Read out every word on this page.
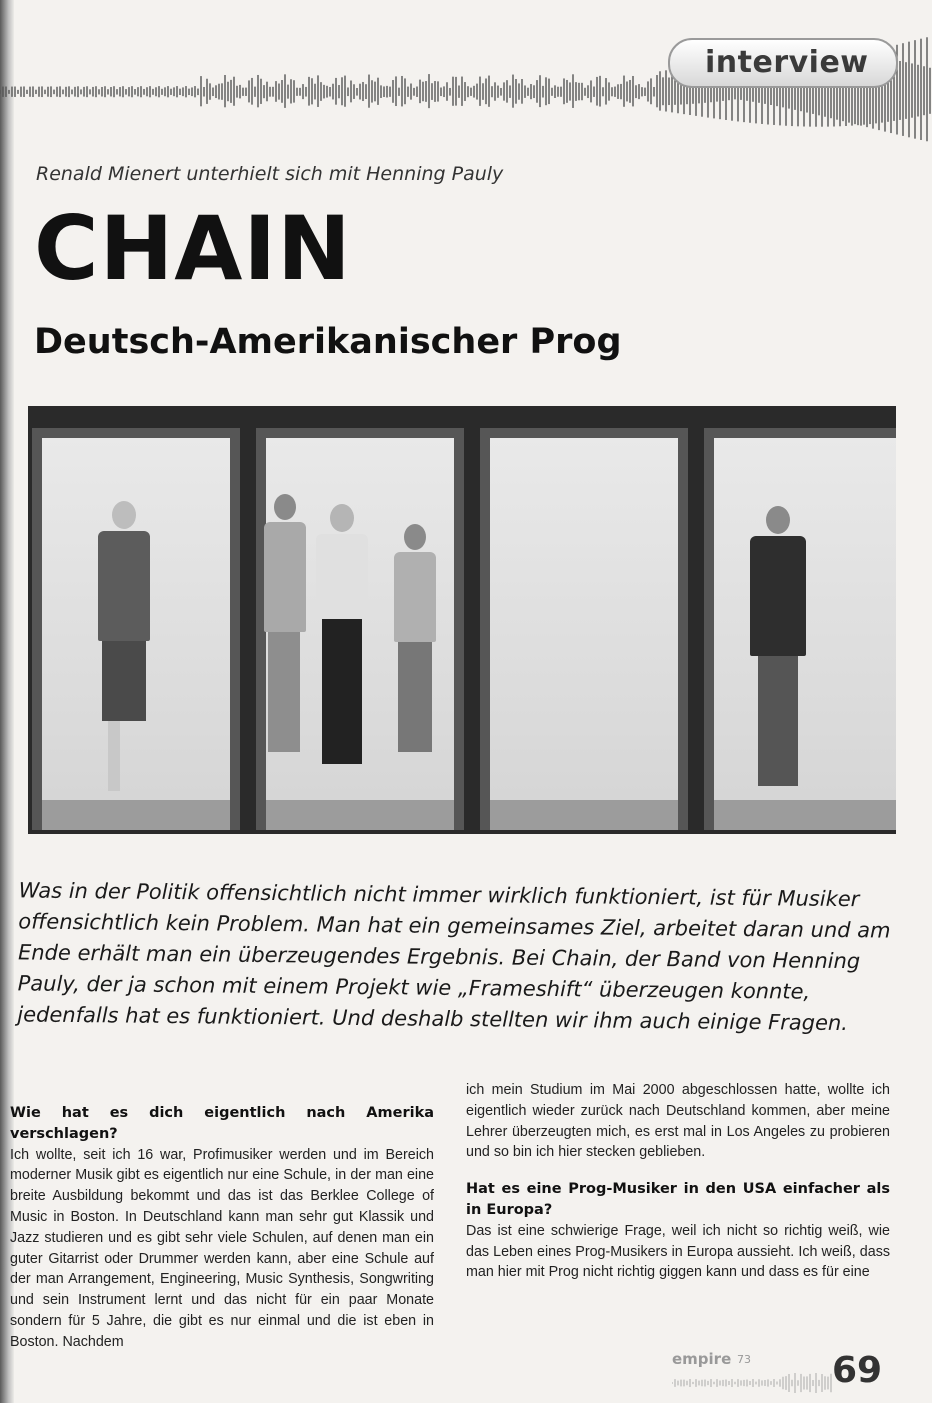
interview
Renald Mienert unterhielt sich mit Henning Pauly
CHAIN
Deutsch-Amerikanischer Prog
Was in der Politik offensichtlich nicht immer wirklich funktioniert, ist für Musiker offensichtlich kein Problem. Man hat ein gemeinsames Ziel, arbeitet daran und am Ende erhält man ein überzeugendes Ergebnis. Bei Chain, der Band von Henning Pauly, der ja schon mit einem Projekt wie „Frameshift“ überzeugen konnte, jedenfalls hat es funktioniert. Und deshalb stellten wir ihm auch einige Fragen.

Wie hat es dich eigentlich nach Amerika verschlagen?

Ich wollte, seit ich 16 war, Profimusiker werden und im Bereich moderner Musik gibt es eigentlich nur eine Schule, in der man eine breite Ausbildung bekommt und das ist das Berklee College of Music in Boston. In Deutschland kann man sehr gut Klassik und Jazz studieren und es gibt sehr viele Schulen, auf denen man ein guter Gitarrist oder Drummer werden kann, aber eine Schule auf der man Arrangement, Engineering, Music Synthesis, Songwriting und sein Instrument lernt und das nicht für ein paar Monate sondern für 5 Jahre, die gibt es nur einmal und die ist eben in Boston. Nachdem

ich mein Studium im Mai 2000 abgeschlossen hatte, wollte ich eigentlich wieder zurück nach Deutschland kommen, aber meine Lehrer überzeugten mich, es erst mal in Los Angeles zu probieren und so bin ich hier stecken geblieben.

Hat es eine Prog-Musiker in den USA einfacher als in Europa?

Das ist eine schwierige Frage, weil ich nicht so richtig weiß, wie das Leben eines Prog-Musikers in Europa aussieht. Ich weiß, dass man hier mit Prog nicht richtig giggen kann und dass es für eine

empire 73 69
